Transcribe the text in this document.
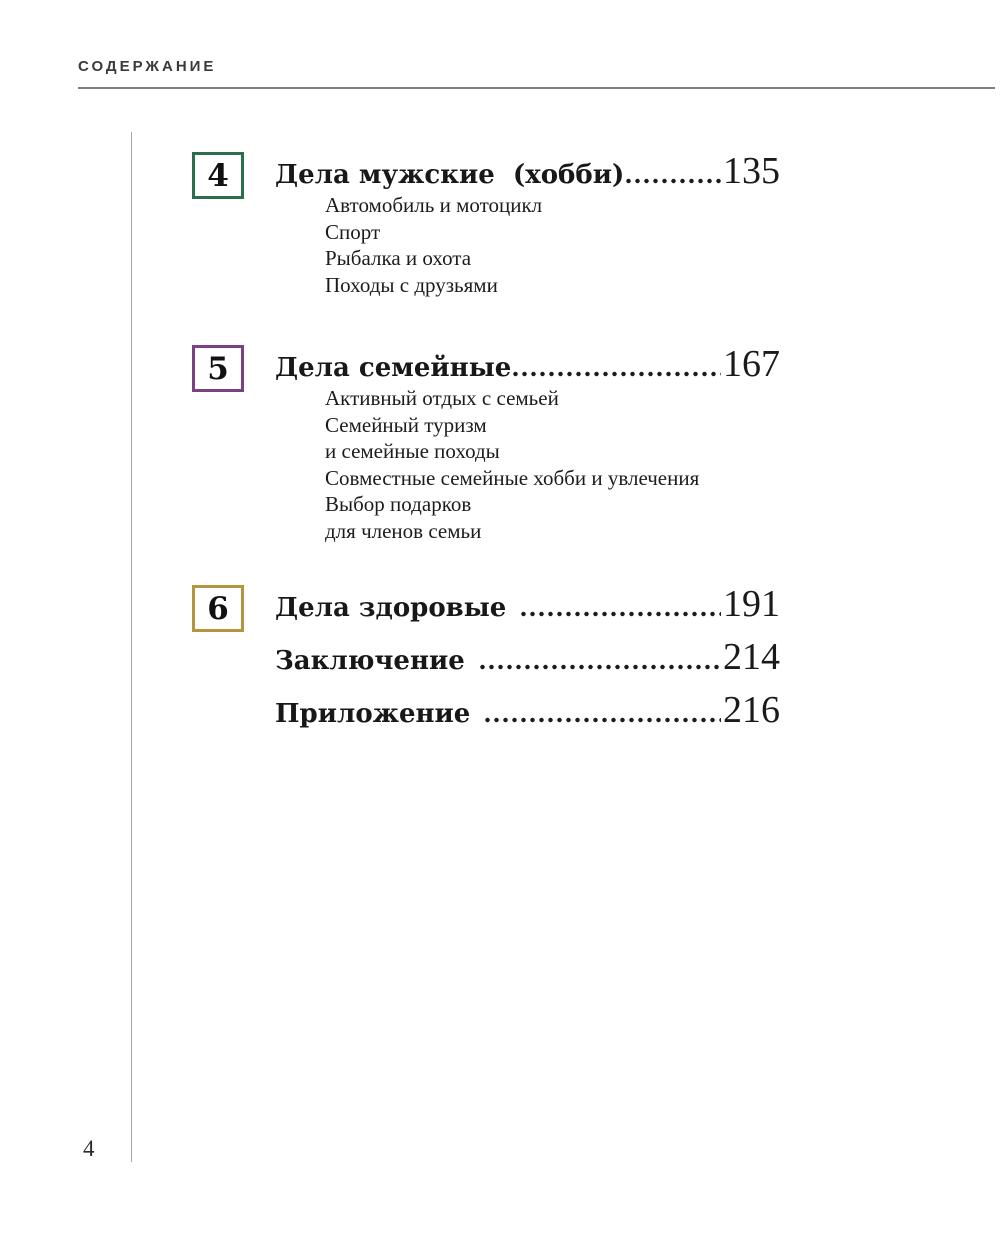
СОДЕРЖАНИЕ
4	Дела мужские  (хобби)	135
Автомобиль и мотоцикл
Спорт
Рыбалка и охота
Походы с друзьями
5	Дела семейные	167
Активный отдых с семьей
Семейный туризм
и семейные походы
Совместные семейные хобби и увлечения
Выбор подарков
для членов семьи
6	Дела здоровые	191
Заключение	214
Приложение	216
4
